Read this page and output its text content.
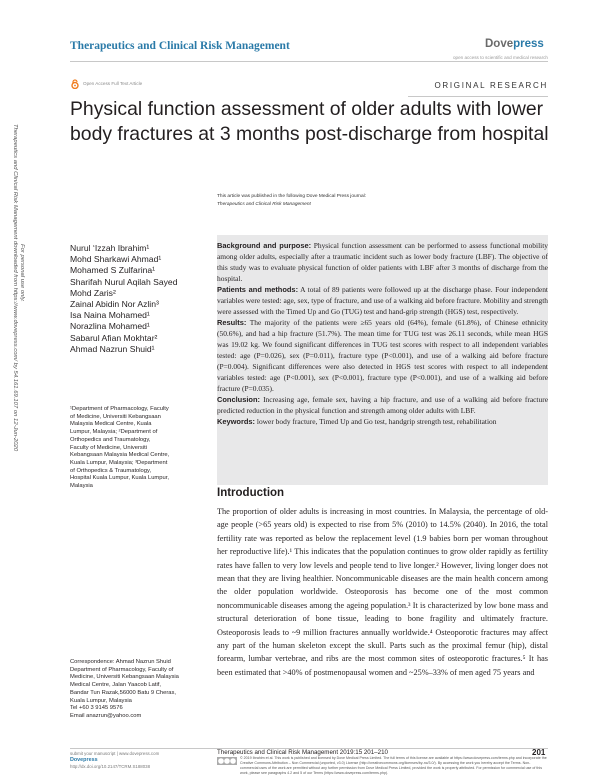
Therapeutics and Clinical Risk Management	Dovepress
open access to scientific and medical research
Open Access Full Text Article	ORIGINAL RESEARCH
Physical function assessment of older adults with lower body fractures at 3 months post-discharge from hospital
This article was published in the following Dove Medical Press journal:
Therapeutics and Clinical Risk Management
Therapeutics and Clinical Risk Management downloaded from https://www.dovepress.com/ by 54.161.69.107 on 12-Jun-2020 For personal use only.	Nurul ‘Izzah Ibrahim¹
Mohd Sharkawi Ahmad¹
Mohamed S Zulfarina¹
Sharifah Nurul Aqilah Sayed
Mohd Zaris²
Zainal Abidin Nor Azlin³
Isa Naina Mohamed¹
Norazlina Mohamed¹
Sabarul Afian Mokhtar²
Ahmad Nazrun Shuid¹
¹Department of Pharmacology, Faculty
of Medicine, Universiti Kebangsaan
Malaysia Medical Centre, Kuala
Lumpur, Malaysia; ²Department of
Orthopedics and Traumatology,
Faculty of Medicine, Universiti
Kebangsaan Malaysia Medical Centre,
Kuala Lumpur, Malaysia; ³Department
of Orthopedics & Traumatology,
Hospital Kuala Lumpur, Kuala Lumpur,
Malaysia
Correspondence: Ahmad Nazrun Shuid
Department of Pharmacology, Faculty of
Medicine, Universiti Kebangsaan Malaysia
Medical Centre, Jalan Yaacob Latif,
Bandar Tun Razak,56000 Batu 9 Cheras,
Kuala Lumpur, Malaysia
Tel +60 3 9145 9576
Email anazrun@yahoo.com

Background and purpose: Physical function assessment can be performed to assess functional mobility among older adults, especially after a traumatic incident such as lower body fracture (LBF). The objective of this study was to evaluate physical function of older patients with LBF after 3 months of discharge from the hospital.

Patients and methods: A total of 89 patients were followed up at the discharge phase. Four independent variables were tested: age, sex, type of fracture, and use of a walking aid before fracture. Mobility and strength were assessed with the Timed Up and Go (TUG) test and hand-grip strength (HGS) test, respectively.

Results: The majority of the patients were ≥65 years old (64%), female (61.8%), of Chinese ethnicity (50.6%), and had a hip fracture (51.7%). The mean time for TUG test was 26.11 seconds, while mean HGS was 19.02 kg. We found significant differences in TUG test scores with respect to all independent variables tested: age (P=0.026), sex (P=0.011), fracture type (P<0.001), and use of a walking aid before fracture (P=0.004). Significant differences were also detected in HGS test scores with respect to all independent variables tested: age (P<0.001), sex (P<0.001), fracture type (P<0.001), and use of a walking aid before fracture (P=0.035).

Conclusion: Increasing age, female sex, having a hip fracture, and use of a walking aid before fracture predicted reduction in the physical function and strength among older adults with LBF.

Keywords: lower body fracture, Timed Up and Go test, handgrip strength test, rehabilitation

Introduction
The proportion of older adults is increasing in most countries. In Malaysia, the percentage of old-age people (>65 years old) is expected to rise from 5% (2010) to 14.5% (2040). In 2016, the total fertility rate was reported as below the replacement level (1.9 babies born per woman throughout her reproductive life).¹ This indicates that the population continues to grow older rapidly as fertility rates have fallen to very low levels and people tend to live longer.² However, living longer does not mean that they are living healthier. Noncommunicable diseases are the main health concern among the older population worldwide. Osteoporosis has become one of the most common noncommunicable diseases among the ageing population.³ It is characterized by low bone mass and structural deterioration of bone tissue, leading to bone fragility and ultimately fracture. Osteoporosis leads to ~9 million fractures annually worldwide.⁴ Osteoporotic fractures may affect any part of the human skeleton except the skull. Parts such as the proximal femur (hip), distal forearm, lumbar vertebrae, and ribs are the most common sites of osteoporotic fractures.⁵ It has been estimated that >40% of postmenopausal women and ~25%–33% of men aged 75 years and
submit your manuscript | www.dovepress.com
Dovepress
http://dx.doi.org/10.2147/TCRM.S188038
Therapeutics and Clinical Risk Management 2019:15 201–210	201
© 2019 Ibrahim et al. This work is published and licensed by Dove Medical Press Limited. The full terms of this license are available at https://www.dovepress.com/terms.php and incorporate the Creative Commons Attribution – Non Commercial (unported, v3.0) License (http://creativecommons.org/licenses/by-nc/3.0/). By accessing the work you hereby accept the Terms. Non-commercial uses of the work are permitted without any further permission from Dove Medical Press Limited, provided the work is properly attributed. For permission for commercial use of this work, please see paragraphs 4.2 and 5 of our Terms (https://www.dovepress.com/terms.php).
